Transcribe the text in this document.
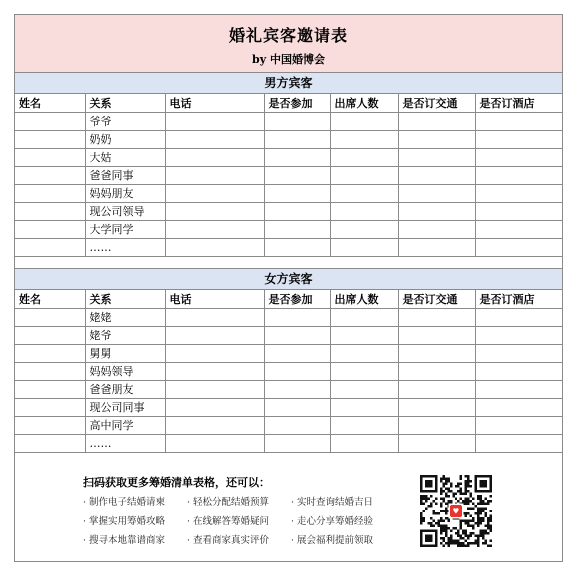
婚礼宾客邀请表
by 中国婚博会
男方宾客
姓名	关系	电话	是否参加	出席人数	是否订交通	是否订酒店
	爷爷					
	奶奶					
	大姑					
	爸爸同事					
	妈妈朋友					
	现公司领导					
	大学同学					
	……					
女方宾客
姓名	关系	电话	是否参加	出席人数	是否订交通	是否订酒店
	姥姥					
	姥爷					
	舅舅					
	妈妈领导					
	爸爸朋友					
	现公司同事					
	高中同学					
	……					
扫码获取更多筹婚清单表格，还可以：
· 制作电子结婚请柬 · 轻松分配结婚预算 · 实时查询结婚吉日
· 掌握实用筹婚攻略 · 在线解答筹婚疑问 · 走心分享筹婚经验
· 搜寻本地靠谱商家 · 查看商家真实评价 · 展会福利提前领取
♥
